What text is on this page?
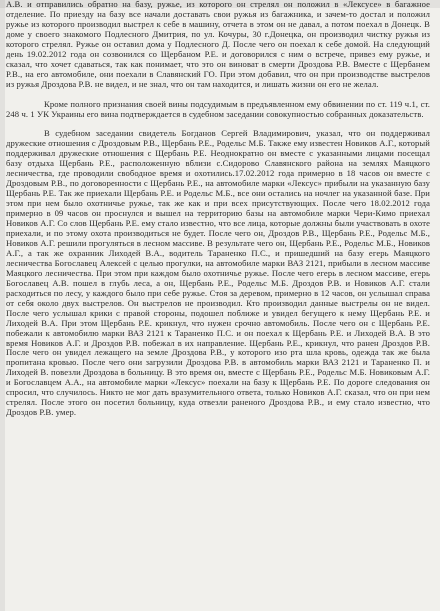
А.В. и отправились обратно на базу, ружье, из которого он стрелял он положил в «Лексусе» в багажное отделение. По приезду на базу все начали доставать свои ружья из багажника, и зачем-то достал и положил ружье из которого производил выстрел к себе в машину, отчета в этом он не давал, а потом поехал в Донецк. В доме у своего знакомого Подлесного Дмитрия, по ул. Кочуры, 30 г.Донецка, он производил чистку ружья из которого стрелял. Ружье он оставил дома у Подлесного Д. После чего он поехал к себе домой. На следующий день 19.02.2012 года он созвонился со Щербаном Р.Е. и договорился с ним о встрече, привез ему ружье, и сказал, что хочет сдаваться, так как понимает, что это он виноват в смерти Дроздова Р.В. Вместе с Щербанем Р.В., на его автомобиле, они поехали в Славянский ГО. При этом добавил, что он при производстве выстрелов из ружья Дроздова Р.В. не видел, и не знал, что он там находится, и лишать жизни он его не желал.

Кроме полного признания своей вины подсудимым в предъявленном ему обвинении по ст. 119 ч.1, ст. 248 ч. 1 УК Украины его вина подтверждается в судебном заседании совокупностью собранных доказательств.

В судебном заседании свидетель Богданов Сергей Владимирович, указал, что он поддерживал дружеские отношения с Дроздовым Р.В., Щербань Р.Е., Родельс М.Б. Также ему известен Новиков А.Г., который поддерживал дружеские отношения с Щербань Р.Е. Неоднократно он вместе с указанными лицами посещал базу отдыха Щербань Р.Е., расположенную вблизи с.Сидорово Славянского района на землях Маяцкого лесничества, где проводили свободное время и охотились.17.02.2012 года примерно в 18 часов он вместе с Дроздовым Р.В., по договоренности с Щербань Р.Е., на автомобиле марки «Лексус» прибыли на указанную базу Щербань Р.Е. Так же приехали Щербань Р.Е. и Родельс М.Б., все они остались на ночлег на указанной базе. При этом при нем было охотничье ружье, так же как и при всех присутствующих. После чего 18.02.2012 года примерно в 09 часов он проснулся и вышел на территорию базы на автомобиле марки Чери-Кимо приехал Новиков А.Г. Со слов Щербань Р.Е. ему стало известно, что все лица, которые должны были участвовать в охоте приехали, и по этому охота производиться не будет. После чего он, Дроздов Р.В., Щербань Р.Е., Родельс М.Б., Новиков А.Г. решили прогуляться в лесном массиве. В результате чего он, Щербань Р.Е., Родельс М.Б., Новиков А.Г., а так же охранник Лиходей В.А., водитель Тараненко П.С., и пришедший на базу егерь Маяцкого лесничества Богославец Алексей с целью прогулки, на автомобиле марки ВАЗ 2121, прибыли в лесном массиве Маяцкого лесничества. При этом при каждом было охотничье ружье. После чего егерь в лесном массиве, егерь Богославец А.В. пошел в глубь леса, а он, Щербань Р.Е., Родельс М.Б. Дроздов Р.В. и Новиков А.Г. стали расходиться по лесу, у каждого было при себе ружье. Стоя за деревом, примерно в 12 часов, он услышал справа от себя около двух выстрелов. Он выстрелов не производил. Кто производил данные выстрелы он не видел. После чего услышал крики с правой стороны, подошел поближе и увидел бегущего к нему Щербань Р.Е. и Лиходей В.А. При этом Щербань Р.Е. крикнул, что нужен срочно автомобиль. После чего он с Щербань Р.Е. побежали к автомобилю марки ВАЗ 2121 к Тараненко П.С. и он поехал к Щербань Р.Е. и Лиходей В.А. В это время Новиков А.Г. и Дроздов Р.В. побежал в их направление. Щербань Р.Е., крикнул, что ранен Дроздов Р.В. После чего он увидел лежащего на земле Дроздова Р.В., у которого изо рта шла кровь, одежда так же была пропитана кровью. После чего они загрузили Дроздова Р.В. в автомобиль марки ВАЗ 2121 и Тараненко П. и Лиходей В. повезли Дроздова в больницу. В это время он, вместе с Щербань Р.Е., Родельс М.Б. Новиковым А.Г. и Богославцем А.А., на автомобиле марки «Лексус» поехали на базу к Щербань Р.Е. По дороге следования он спросил, что случилось. Никто не мог дать вразумительного ответа, только Новиков А.Г. сказал, что он при нем стрелял. После этого он посетил больницу, куда отвезли раненого Дроздова Р.В., и ему стало известно, что Дроздов Р.В. умер.
